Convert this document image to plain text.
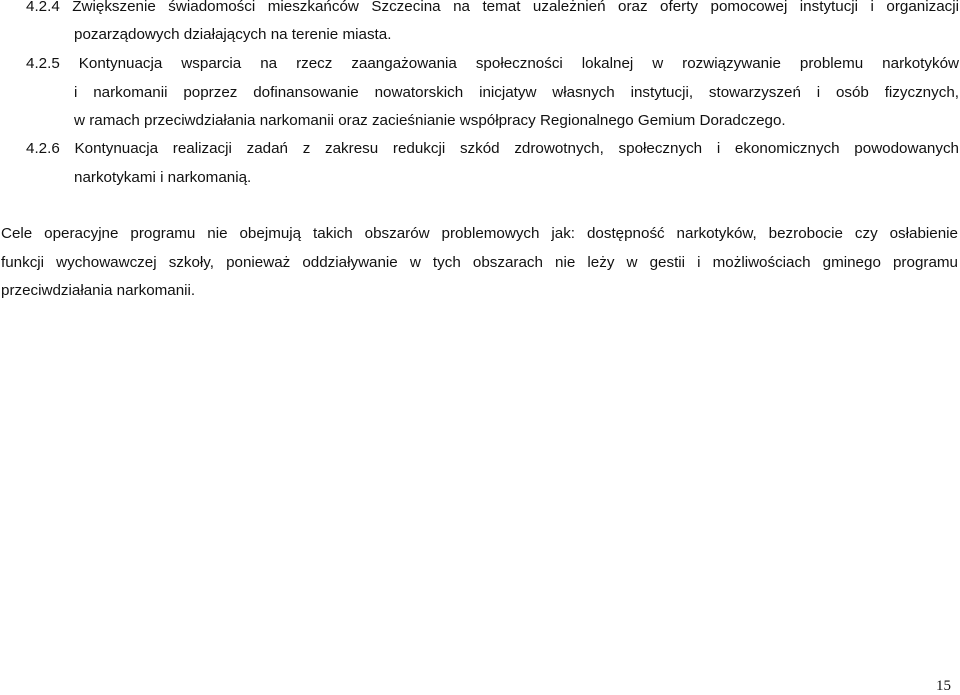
4.2.4 Zwiększenie świadomości mieszkańców Szczecina na temat uzależnień oraz oferty pomocowej instytucji i organizacji
pozarządowych działających na terenie miasta.
4.2.5 Kontynuacja wsparcia na rzecz zaangażowania społeczności lokalnej w rozwiązywanie problemu narkotyków
i narkomanii poprzez dofinansowanie nowatorskich inicjatyw własnych instytucji, stowarzyszeń i osób fizycznych,
w ramach przeciwdziałania narkomanii oraz zacieśnianie współpracy Regionalnego Gemium Doradczego.
4.2.6 Kontynuacja realizacji zadań z zakresu redukcji szkód zdrowotnych, społecznych i ekonomicznych powodowanych
narkotykami i narkomanią.
Cele operacyjne programu nie obejmują takich obszarów problemowych jak: dostępność narkotyków, bezrobocie czy osłabienie
funkcji wychowawczej szkoły, ponieważ oddziaływanie w tych obszarach nie leży w gestii i możliwościach gminego programu
przeciwdziałania narkomanii.
15
